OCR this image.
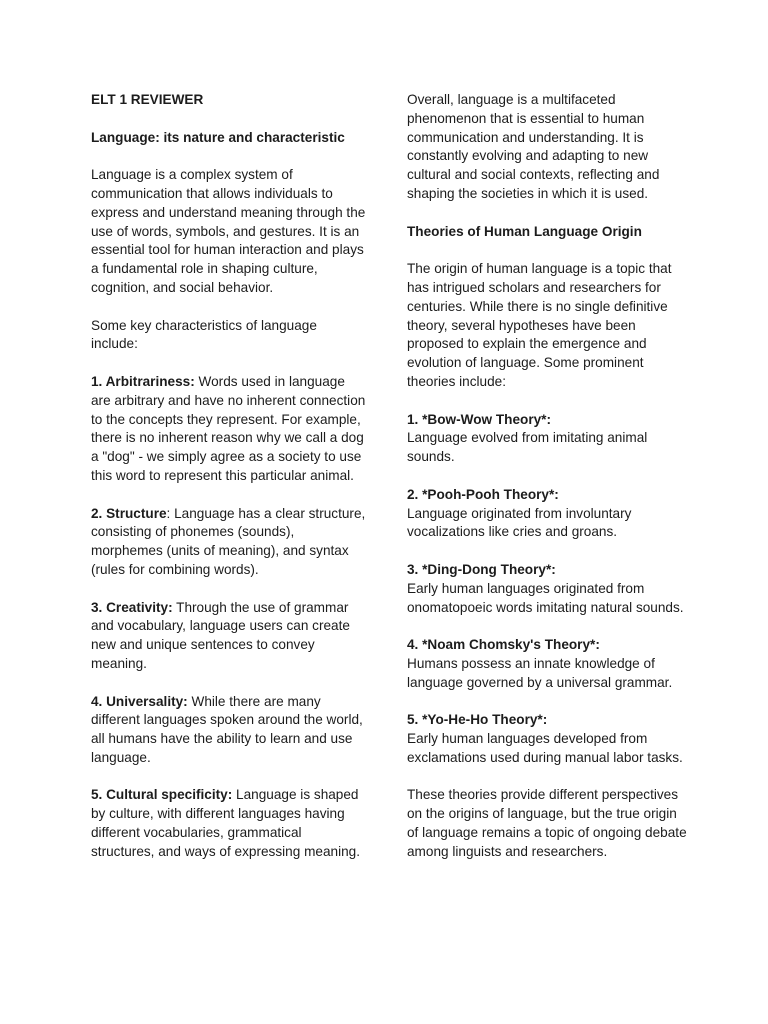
ELT 1 REVIEWER

Language: its nature and characteristic

Language is a complex system of communication that allows individuals to express and understand meaning through the use of words, symbols, and gestures. It is an essential tool for human interaction and plays a fundamental role in shaping culture, cognition, and social behavior.

Some key characteristics of language include:

1. Arbitrariness: Words used in language are arbitrary and have no inherent connection to the concepts they represent. For example, there is no inherent reason why we call a dog a "dog" - we simply agree as a society to use this word to represent this particular animal.

2. Structure: Language has a clear structure, consisting of phonemes (sounds), morphemes (units of meaning), and syntax (rules for combining words).

3. Creativity: Through the use of grammar and vocabulary, language users can create new and unique sentences to convey meaning.

4. Universality: While there are many different languages spoken around the world, all humans have the ability to learn and use language.

5. Cultural specificity: Language is shaped by culture, with different languages having different vocabularies, grammatical structures, and ways of expressing meaning.

Overall, language is a multifaceted phenomenon that is essential to human communication and understanding. It is constantly evolving and adapting to new cultural and social contexts, reflecting and shaping the societies in which it is used.

Theories of Human Language Origin

The origin of human language is a topic that has intrigued scholars and researchers for centuries. While there is no single definitive theory, several hypotheses have been proposed to explain the emergence and evolution of language. Some prominent theories include:

1. *Bow-Wow Theory*:
Language evolved from imitating animal sounds.

2. *Pooh-Pooh Theory*:
Language originated from involuntary vocalizations like cries and groans.

3. *Ding-Dong Theory*:
Early human languages originated from onomatopoeic words imitating natural sounds.

4. *Noam Chomsky's Theory*:
Humans possess an innate knowledge of language governed by a universal grammar.

5. *Yo-He-Ho Theory*:
Early human languages developed from exclamations used during manual labor tasks.

These theories provide different perspectives on the origins of language, but the true origin of language remains a topic of ongoing debate among linguists and researchers.
